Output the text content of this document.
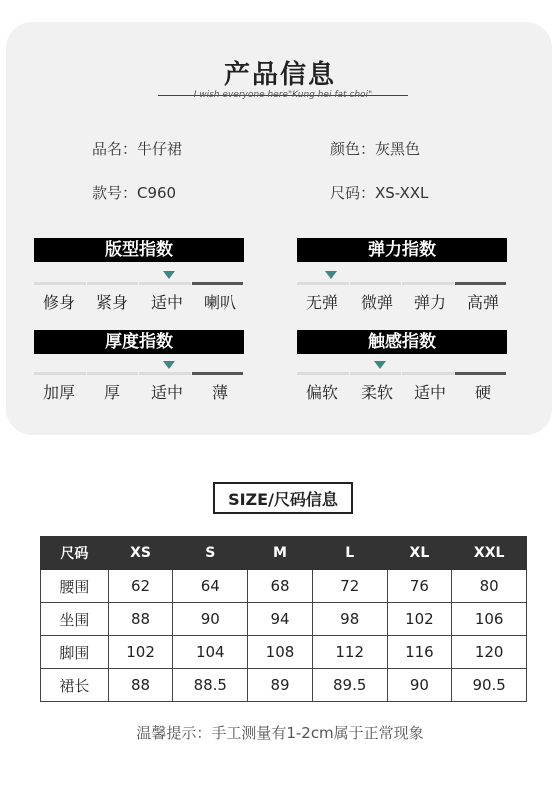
产品信息
I wish everyone here"Kung hei fat choi"
品名：牛仔裙	颜色：灰黑色
款号：C960	尺码：XS-XXL
版型指数
修身	紧身	适中	喇叭
弹力指数
无弹	微弹	弹力	高弹
厚度指数
加厚	厚	适中	薄
触感指数
偏软	柔软	适中	硬
SIZE/尺码信息
尺码	XS	S	M	L	XL	XXL
腰围	62	64	68	72	76	80
坐围	88	90	94	98	102	106
脚围	102	104	108	112	116	120
裙长	88	88.5	89	89.5	90	90.5
温馨提示：手工测量有1-2cm属于正常现象
